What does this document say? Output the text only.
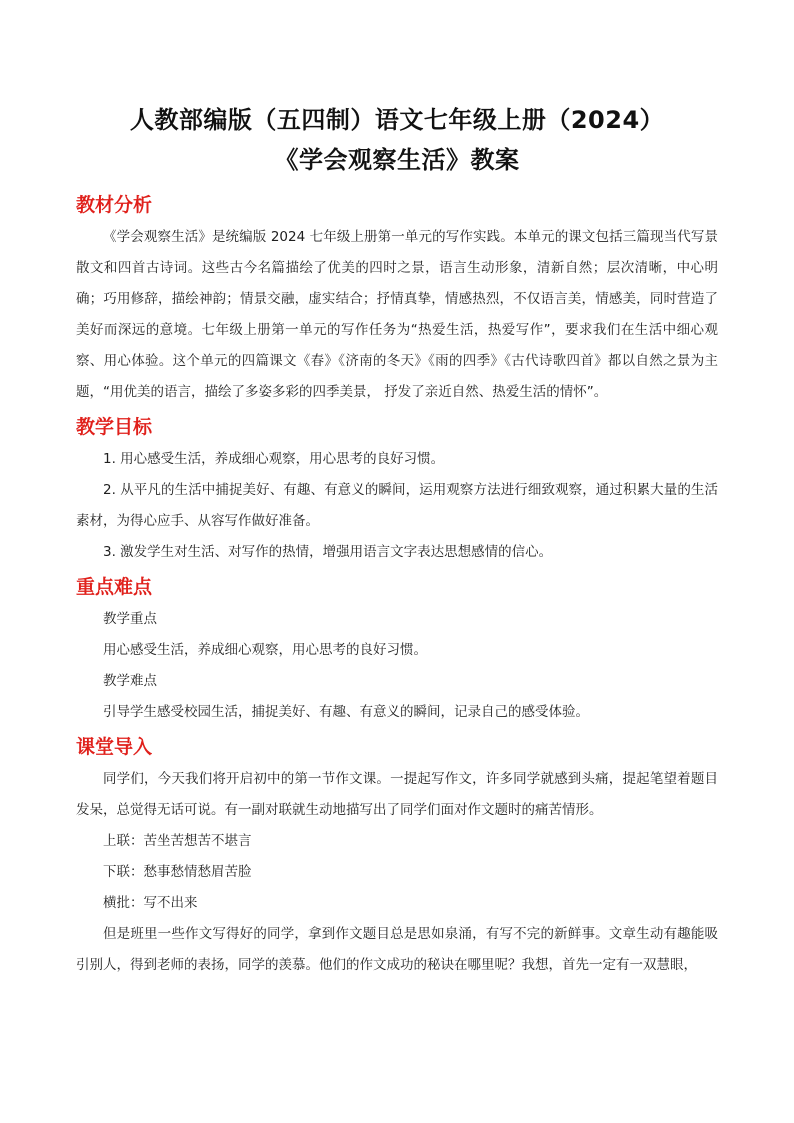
人教部编版（五四制）语文七年级上册（2024）

《学会观察生活》教案

教材分析

《学会观察生活》是统编版 2024 七年级上册第一单元的写作实践。本单元的课文包括三篇现当代写景散文和四首古诗词。这些古今名篇描绘了优美的四时之景，语言生动形象，清新自然；层次清晰，中心明确；巧用修辞，描绘神韵；情景交融，虚实结合；抒情真挚，情感热烈，不仅语言美，情感美，同时营造了美好而深远的意境。七年级上册第一单元的写作任务为“热爱生活，热爱写作”，要求我们在生活中细心观察、用心体验。这个单元的四篇课文《春》《济南的冬天》《雨的四季》《古代诗歌四首》都以自然之景为主题，“用优美的语言，描绘了多姿多彩的四季美景， 抒发了亲近自然、热爱生活的情怀”。

教学目标

1. 用心感受生活，养成细心观察，用心思考的良好习惯。

2. 从平凡的生活中捕捉美好、有趣、有意义的瞬间，运用观察方法进行细致观察，通过积累大量的生活素材，为得心应手、从容写作做好准备。

3. 激发学生对生活、对写作的热情，增强用语言文字表达思想感情的信心。

重点难点

教学重点

用心感受生活，养成细心观察，用心思考的良好习惯。

教学难点

引导学生感受校园生活，捕捉美好、有趣、有意义的瞬间，记录自己的感受体验。

课堂导入

同学们，今天我们将开启初中的第一节作文课。一提起写作文，许多同学就感到头痛，提起笔望着题目发呆，总觉得无话可说。有一副对联就生动地描写出了同学们面对作文题时的痛苦情形。

上联：苦坐苦想苦不堪言

下联：愁事愁情愁眉苦脸

横批：写不出来

但是班里一些作文写得好的同学，拿到作文题目总是思如泉涌，有写不完的新鲜事。文章生动有趣能吸引别人，得到老师的表扬，同学的羡慕。他们的作文成功的秘诀在哪里呢？我想，首先一定有一双慧眼，
